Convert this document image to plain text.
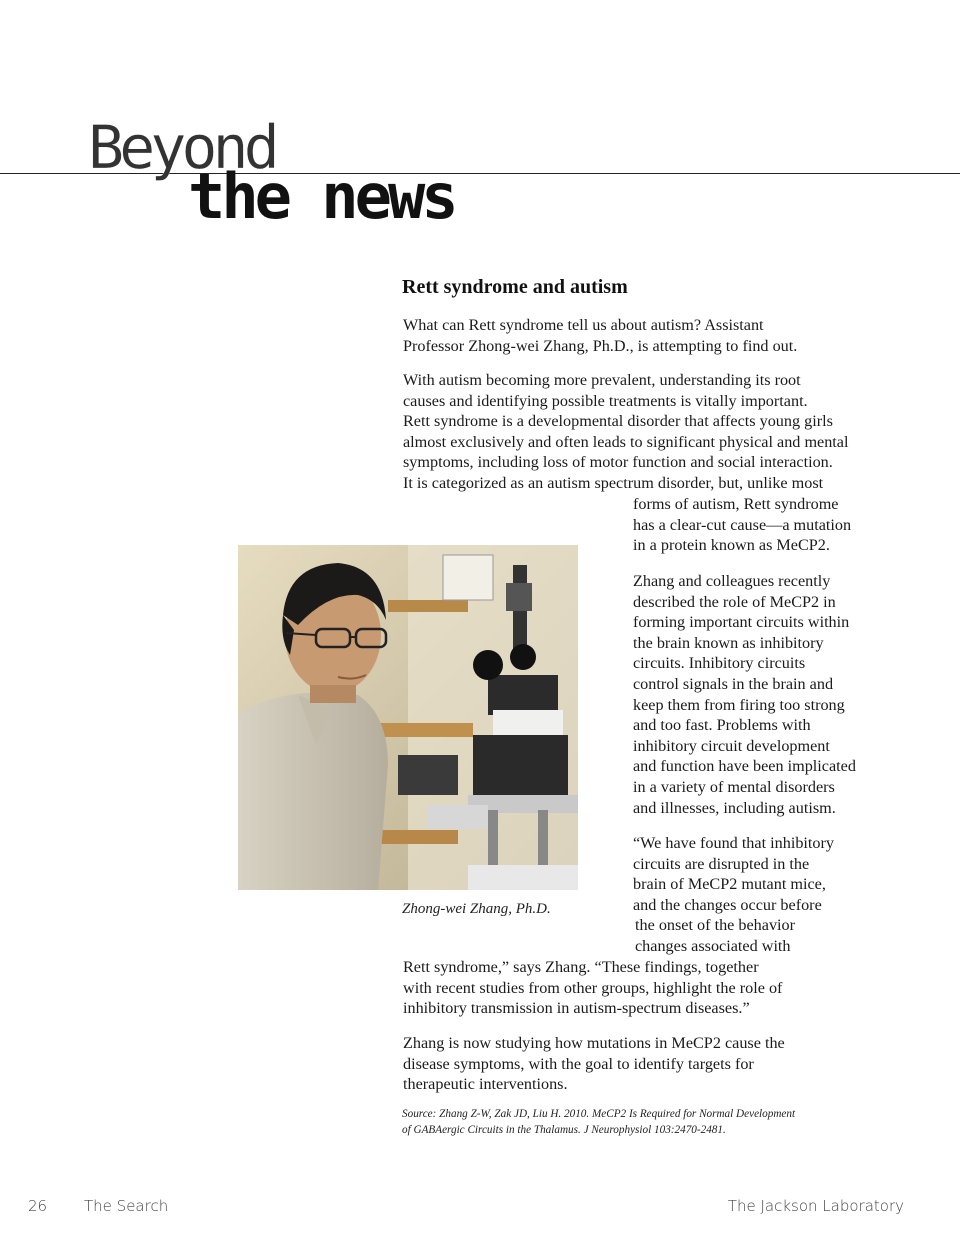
Beyond
the news
Rett syndrome and autism
What can Rett syndrome tell us about autism? Assistant
Professor Zhong-wei Zhang, Ph.D., is attempting to find out.
With autism becoming more prevalent, understanding its root
causes and identifying possible treatments is vitally important.
Rett syndrome is a developmental disorder that affects young girls
almost exclusively and often leads to significant physical and mental
symptoms, including loss of motor function and social interaction.
It is categorized as an autism spectrum disorder, but, unlike most
forms of autism, Rett syndrome
has a clear-cut cause—a mutation
in a protein known as MeCP2.
Zhang and colleagues recently
described the role of MeCP2 in
forming important circuits within
the brain known as inhibitory
circuits. Inhibitory circuits
control signals in the brain and
keep them from firing too strong
and too fast. Problems with
inhibitory circuit development
and function have been implicated
in a variety of mental disorders
and illnesses, including autism.
“We have found that inhibitory
circuits are disrupted in the
brain of MeCP2 mutant mice,
and the changes occur before
the onset of the behavior
changes associated with
Zhong-wei Zhang, Ph.D.
Rett syndrome,” says Zhang. “These findings, together
with recent studies from other groups, highlight the role of
inhibitory transmission in autism-spectrum diseases.”
Zhang is now studying how mutations in MeCP2 cause the
disease symptoms, with the goal to identify targets for
therapeutic interventions.
Source: Zhang Z-W, Zak JD, Liu H. 2010. MeCP2 Is Required for Normal Development
of GABAergic Circuits in the Thalamus. J Neurophysiol 103:2470-2481.
26 The Search	The Jackson Laboratory
